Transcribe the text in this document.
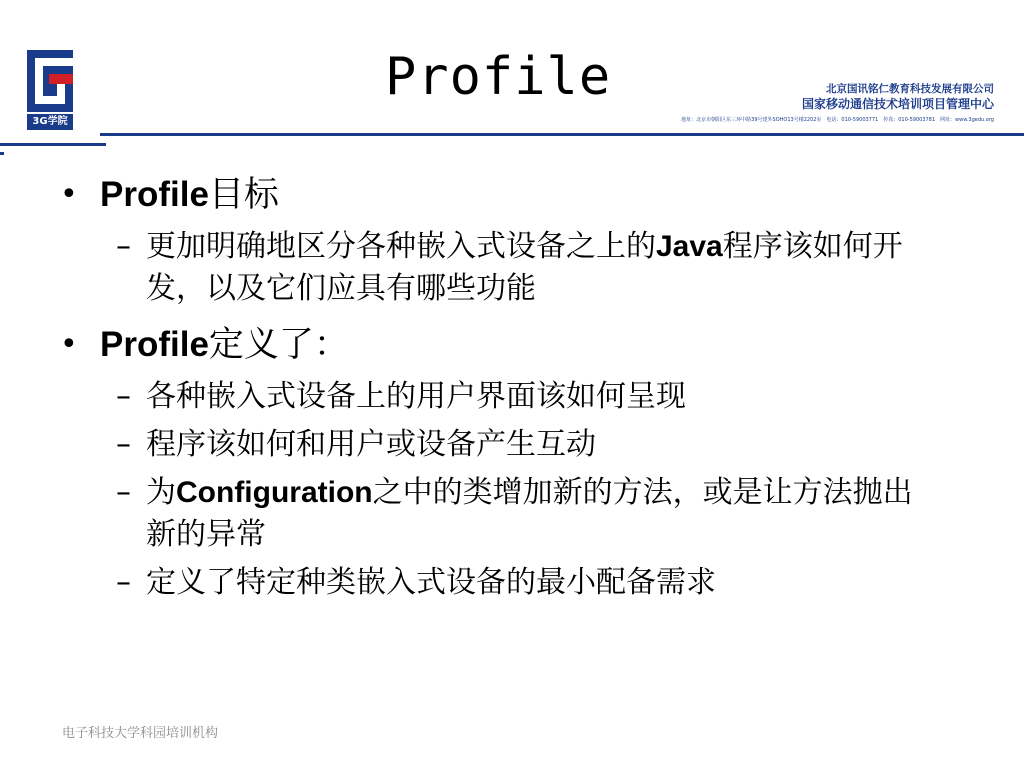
3G学院
Profile	北京国讯铭仁教育科技发展有限公司
国家移动通信技术培训项目管理中心
地址：北京市朝阳区东三环中路39号建外SOHO13号楼2202室　电话：010-59003771　传真：010-59003781　网址：www.3gedu.org
• Profile目标
– 更加明确地区分各种嵌入式设备之上的Java程序该如何开发，以及它们应具有哪些功能
• Profile定义了：
– 各种嵌入式设备上的用户界面该如何呈现
– 程序该如何和用户或设备产生互动
– 为Configuration之中的类增加新的方法，或是让方法抛出新的异常
– 定义了特定种类嵌入式设备的最小配备需求
电子科技大学科园培训机构
